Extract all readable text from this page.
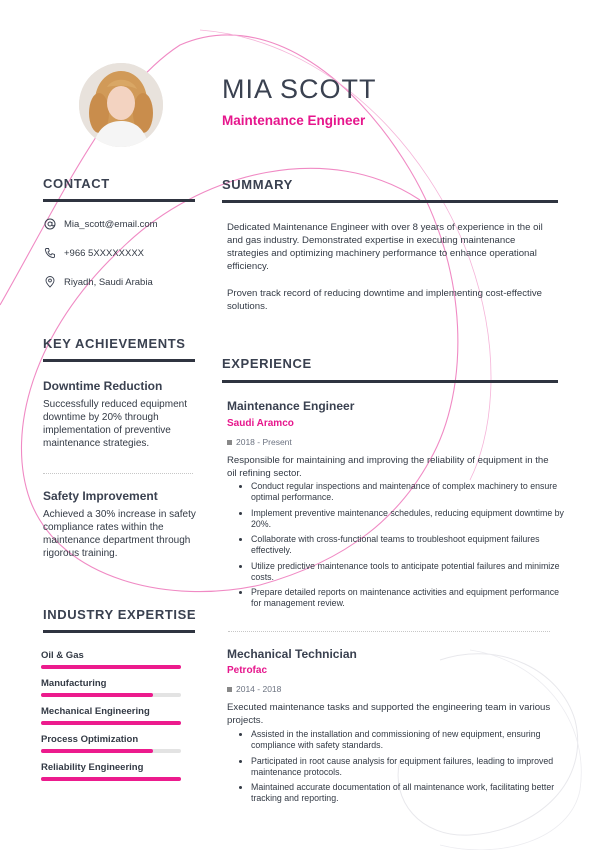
MIA SCOTT
Maintenance Engineer
CONTACT
Mia_scott@email.com
+966 5XXXXXXXX
Riyadh, Saudi Arabia
KEY ACHIEVEMENTS
Downtime Reduction
Successfully reduced equipment downtime by 20% through implementation of preventive maintenance strategies.
Safety Improvement
Achieved a 30% increase in safety compliance rates within the maintenance department through rigorous training.
INDUSTRY EXPERTISE
Oil & Gas
Manufacturing
Mechanical Engineering
Process Optimization
Reliability Engineering
SUMMARY
Dedicated Maintenance Engineer with over 8 years of experience in the oil and gas industry. Demonstrated expertise in executing maintenance strategies and optimizing machinery performance to enhance operational efficiency.
Proven track record of reducing downtime and implementing cost-effective solutions.
EXPERIENCE
Maintenance Engineer
Saudi Aramco
2018 - Present
Responsible for maintaining and improving the reliability of equipment in the oil refining sector.
• Conduct regular inspections and maintenance of complex machinery to ensure optimal performance.
• Implement preventive maintenance schedules, reducing equipment downtime by 20%.
• Collaborate with cross-functional teams to troubleshoot equipment failures effectively.
• Utilize predictive maintenance tools to anticipate potential failures and minimize costs.
• Prepare detailed reports on maintenance activities and equipment performance for management review.
Mechanical Technician
Petrofac
2014 - 2018
Executed maintenance tasks and supported the engineering team in various projects.
• Assisted in the installation and commissioning of new equipment, ensuring compliance with safety standards.
• Participated in root cause analysis for equipment failures, leading to improved maintenance protocols.
• Maintained accurate documentation of all maintenance work, facilitating better tracking and reporting.
